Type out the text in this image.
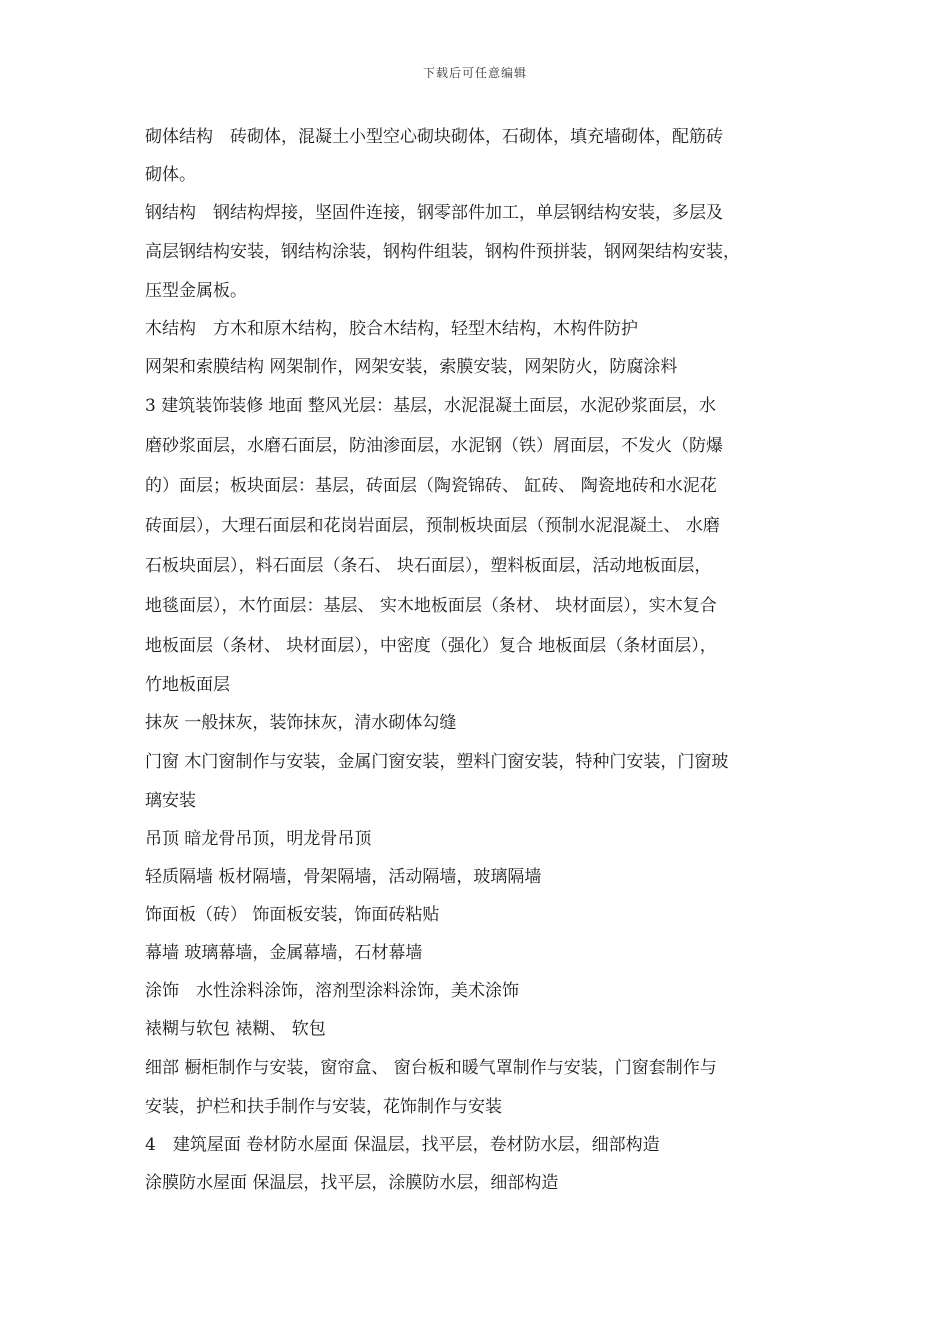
下载后可任意编辑
砌体结构　砖砌体，混凝土小型空心砌块砌体，石砌体，填充墙砌体，配筋砖
砌体。
钢结构　钢结构焊接，坚固件连接，钢零部件加工，单层钢结构安装，多层及
高层钢结构安装，钢结构涂装，钢构件组装，钢构件预拼装，钢网架结构安装，
压型金属板。
木结构　方木和原木结构，胶合木结构，轻型木结构，木构件防护
网架和索膜结构 网架制作，网架安装，索膜安装，网架防火，防腐涂料
3 建筑装饰装修 地面 整风光层：基层，水泥混凝土面层，水泥砂浆面层，水
磨砂浆面层，水磨石面层，防油渗面层，水泥钢（铁）屑面层，不发火（防爆
的）面层；板块面层：基层，砖面层（陶瓷锦砖、 缸砖、 陶瓷地砖和水泥花
砖面层），大理石面层和花岗岩面层，预制板块面层（预制水泥混凝土、 水磨
石板块面层），料石面层（条石、 块石面层），塑料板面层，活动地板面层，
地毯面层），木竹面层：基层、 实木地板面层（条材、 块材面层），实木复合
地板面层（条材、 块材面层），中密度（强化）复合 地板面层（条材面层），
竹地板面层
抹灰 一般抹灰，装饰抹灰，清水砌体勾缝
门窗 木门窗制作与安装，金属门窗安装，塑料门窗安装，特种门安装，门窗玻
璃安装
吊顶 暗龙骨吊顶，明龙骨吊顶
轻质隔墙 板材隔墙，骨架隔墙，活动隔墙，玻璃隔墙
饰面板（砖） 饰面板安装，饰面砖粘贴
幕墙 玻璃幕墙，金属幕墙，石材幕墙
涂饰　水性涂料涂饰，溶剂型涂料涂饰，美术涂饰
裱糊与软包 裱糊、 软包
细部 橱柜制作与安装，窗帘盒、 窗台板和暖气罩制作与安装，门窗套制作与
安装，护栏和扶手制作与安装，花饰制作与安装
4　建筑屋面 卷材防水屋面 保温层，找平层，卷材防水层，细部构造
涂膜防水屋面 保温层，找平层，涂膜防水层，细部构造
